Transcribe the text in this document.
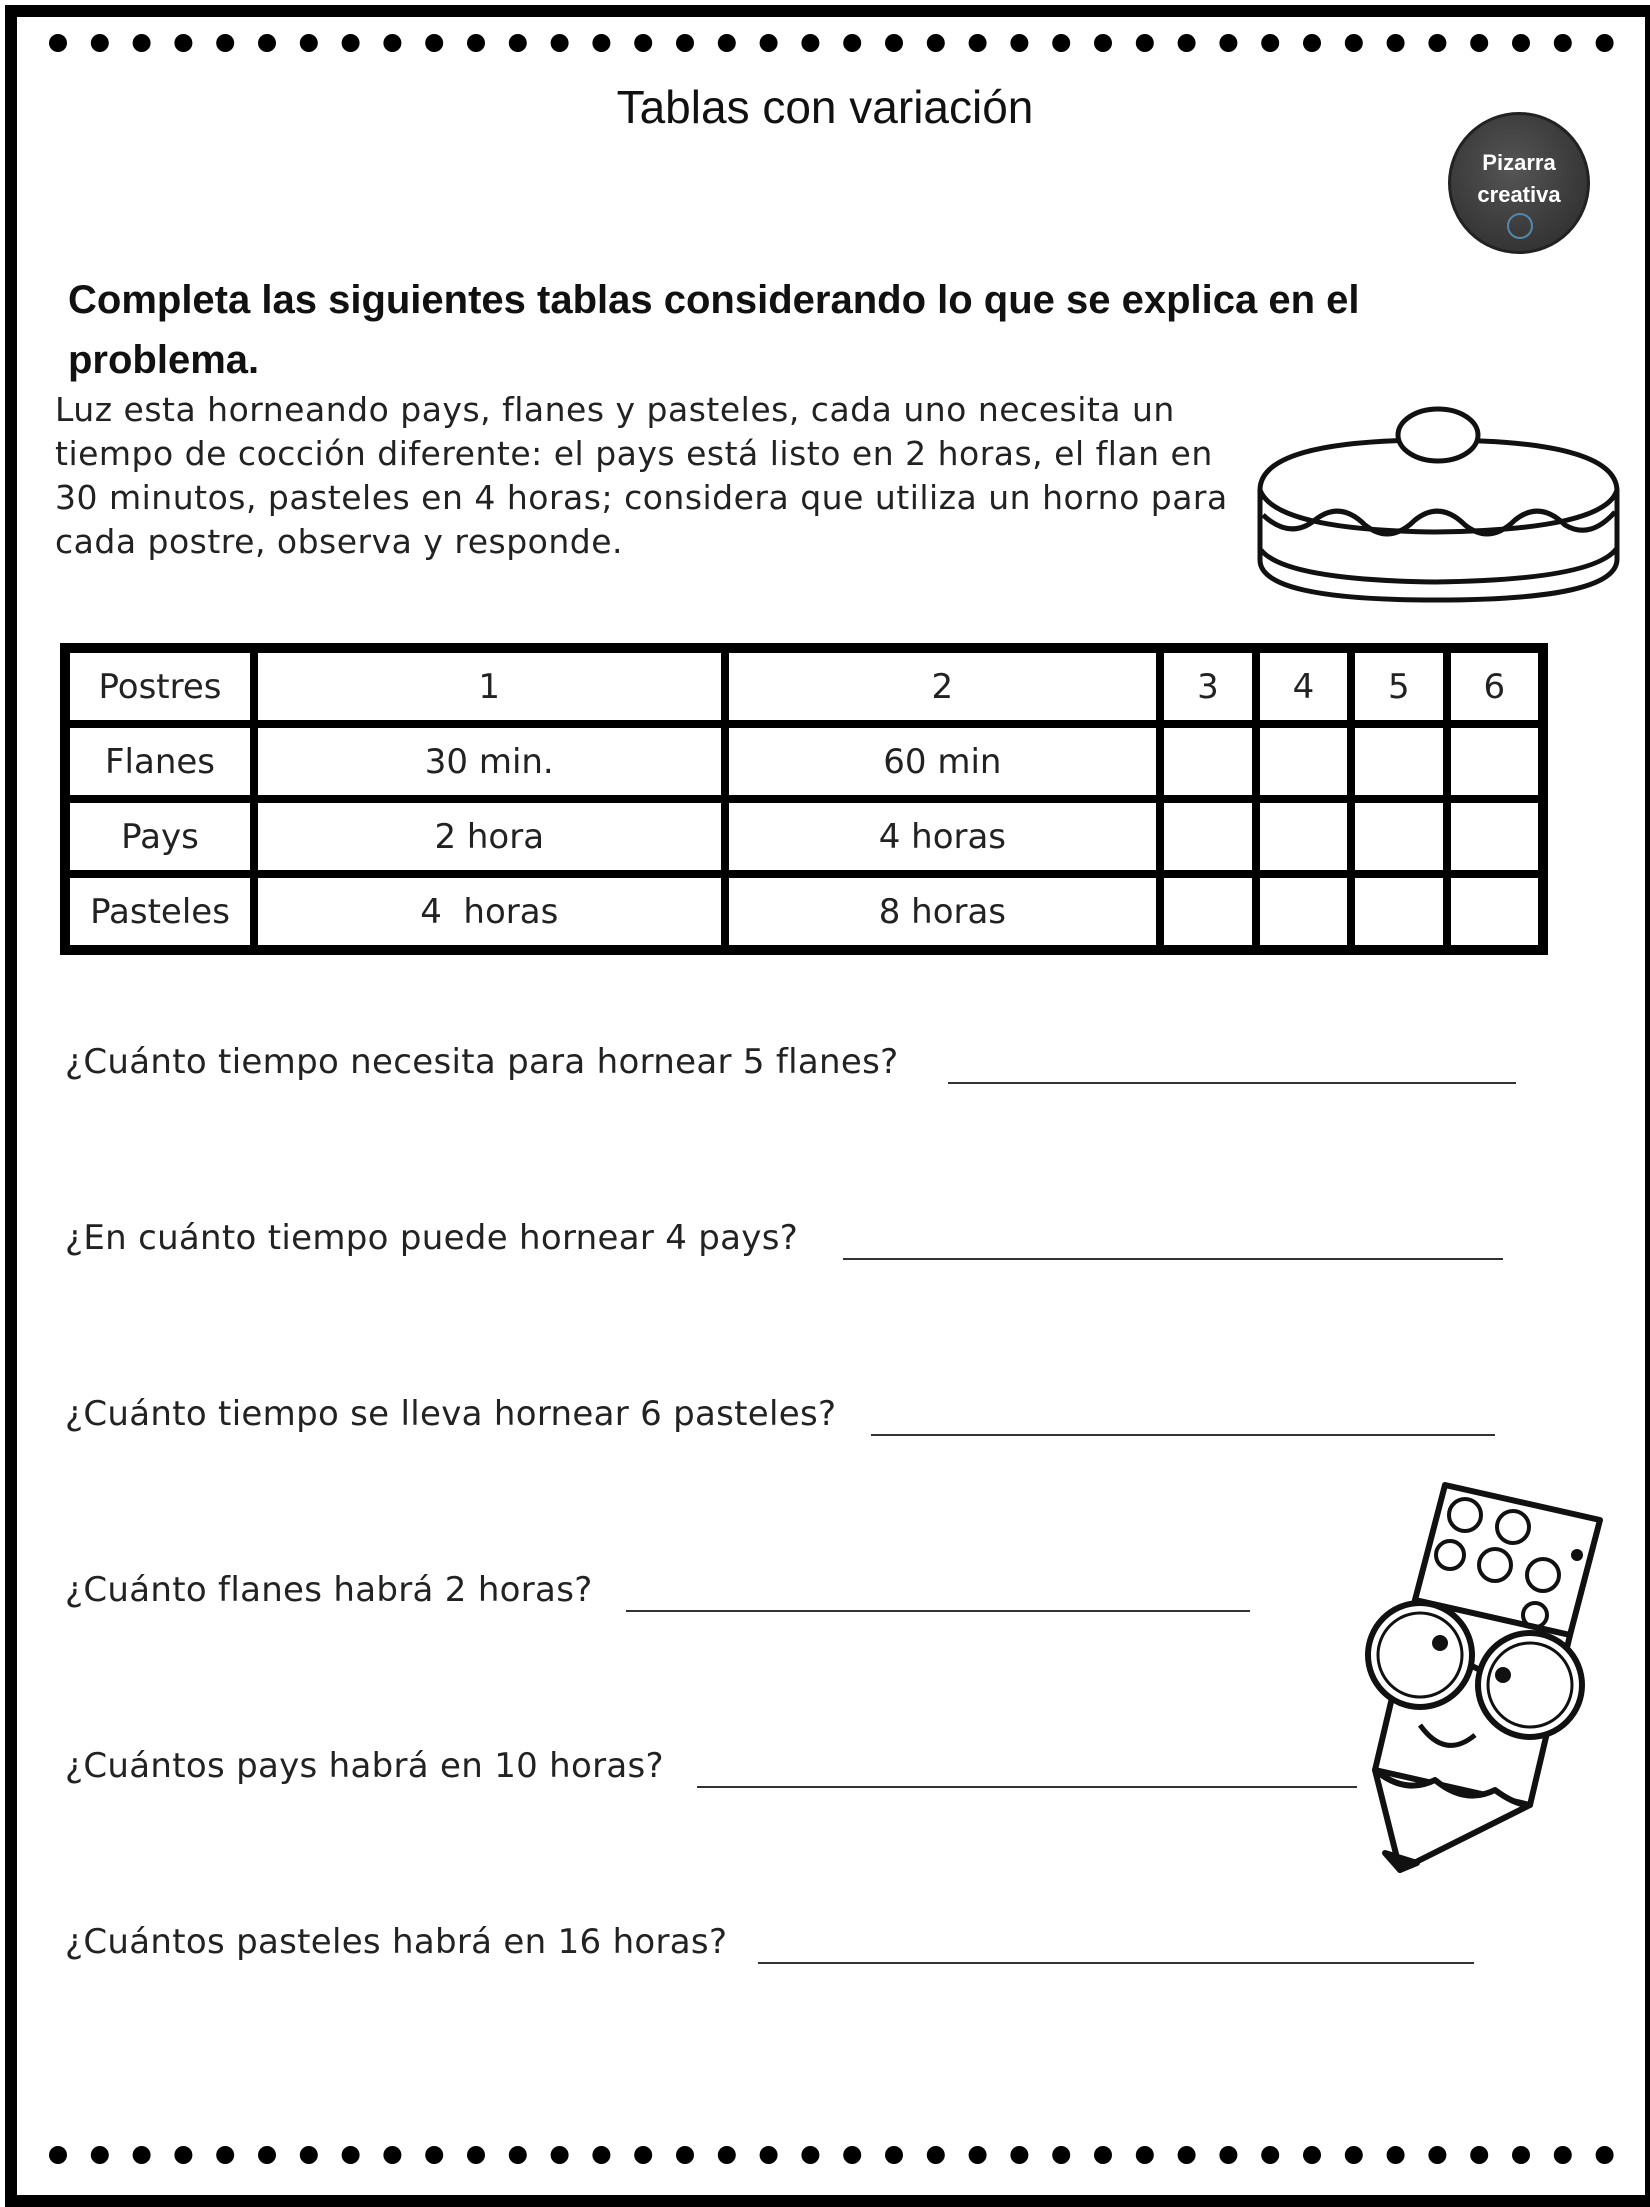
Tablas con variación
Pizarra
creativa
Completa las siguientes tablas considerando lo que se explica en el problema.
Luz esta horneando pays, flanes y pasteles, cada uno necesita un tiempo de cocción diferente: el pays está listo en 2 horas, el flan en 30 minutos, pasteles en 4 horas; considera que utiliza un horno para cada postre, observa y responde.
Postres	1	2	3	4	5	6
Flanes	30 min.	60 min				
Pays	2 hora	4 horas				
Pasteles	4  horas	8 horas				
¿Cuánto tiempo necesita para hornear 5 flanes?
¿En cuánto tiempo puede hornear 4 pays?
¿Cuánto tiempo se lleva hornear 6 pasteles?
¿Cuánto flanes habrá 2 horas?
¿Cuántos pays habrá en 10 horas?
¿Cuántos pasteles habrá en 16 horas?
